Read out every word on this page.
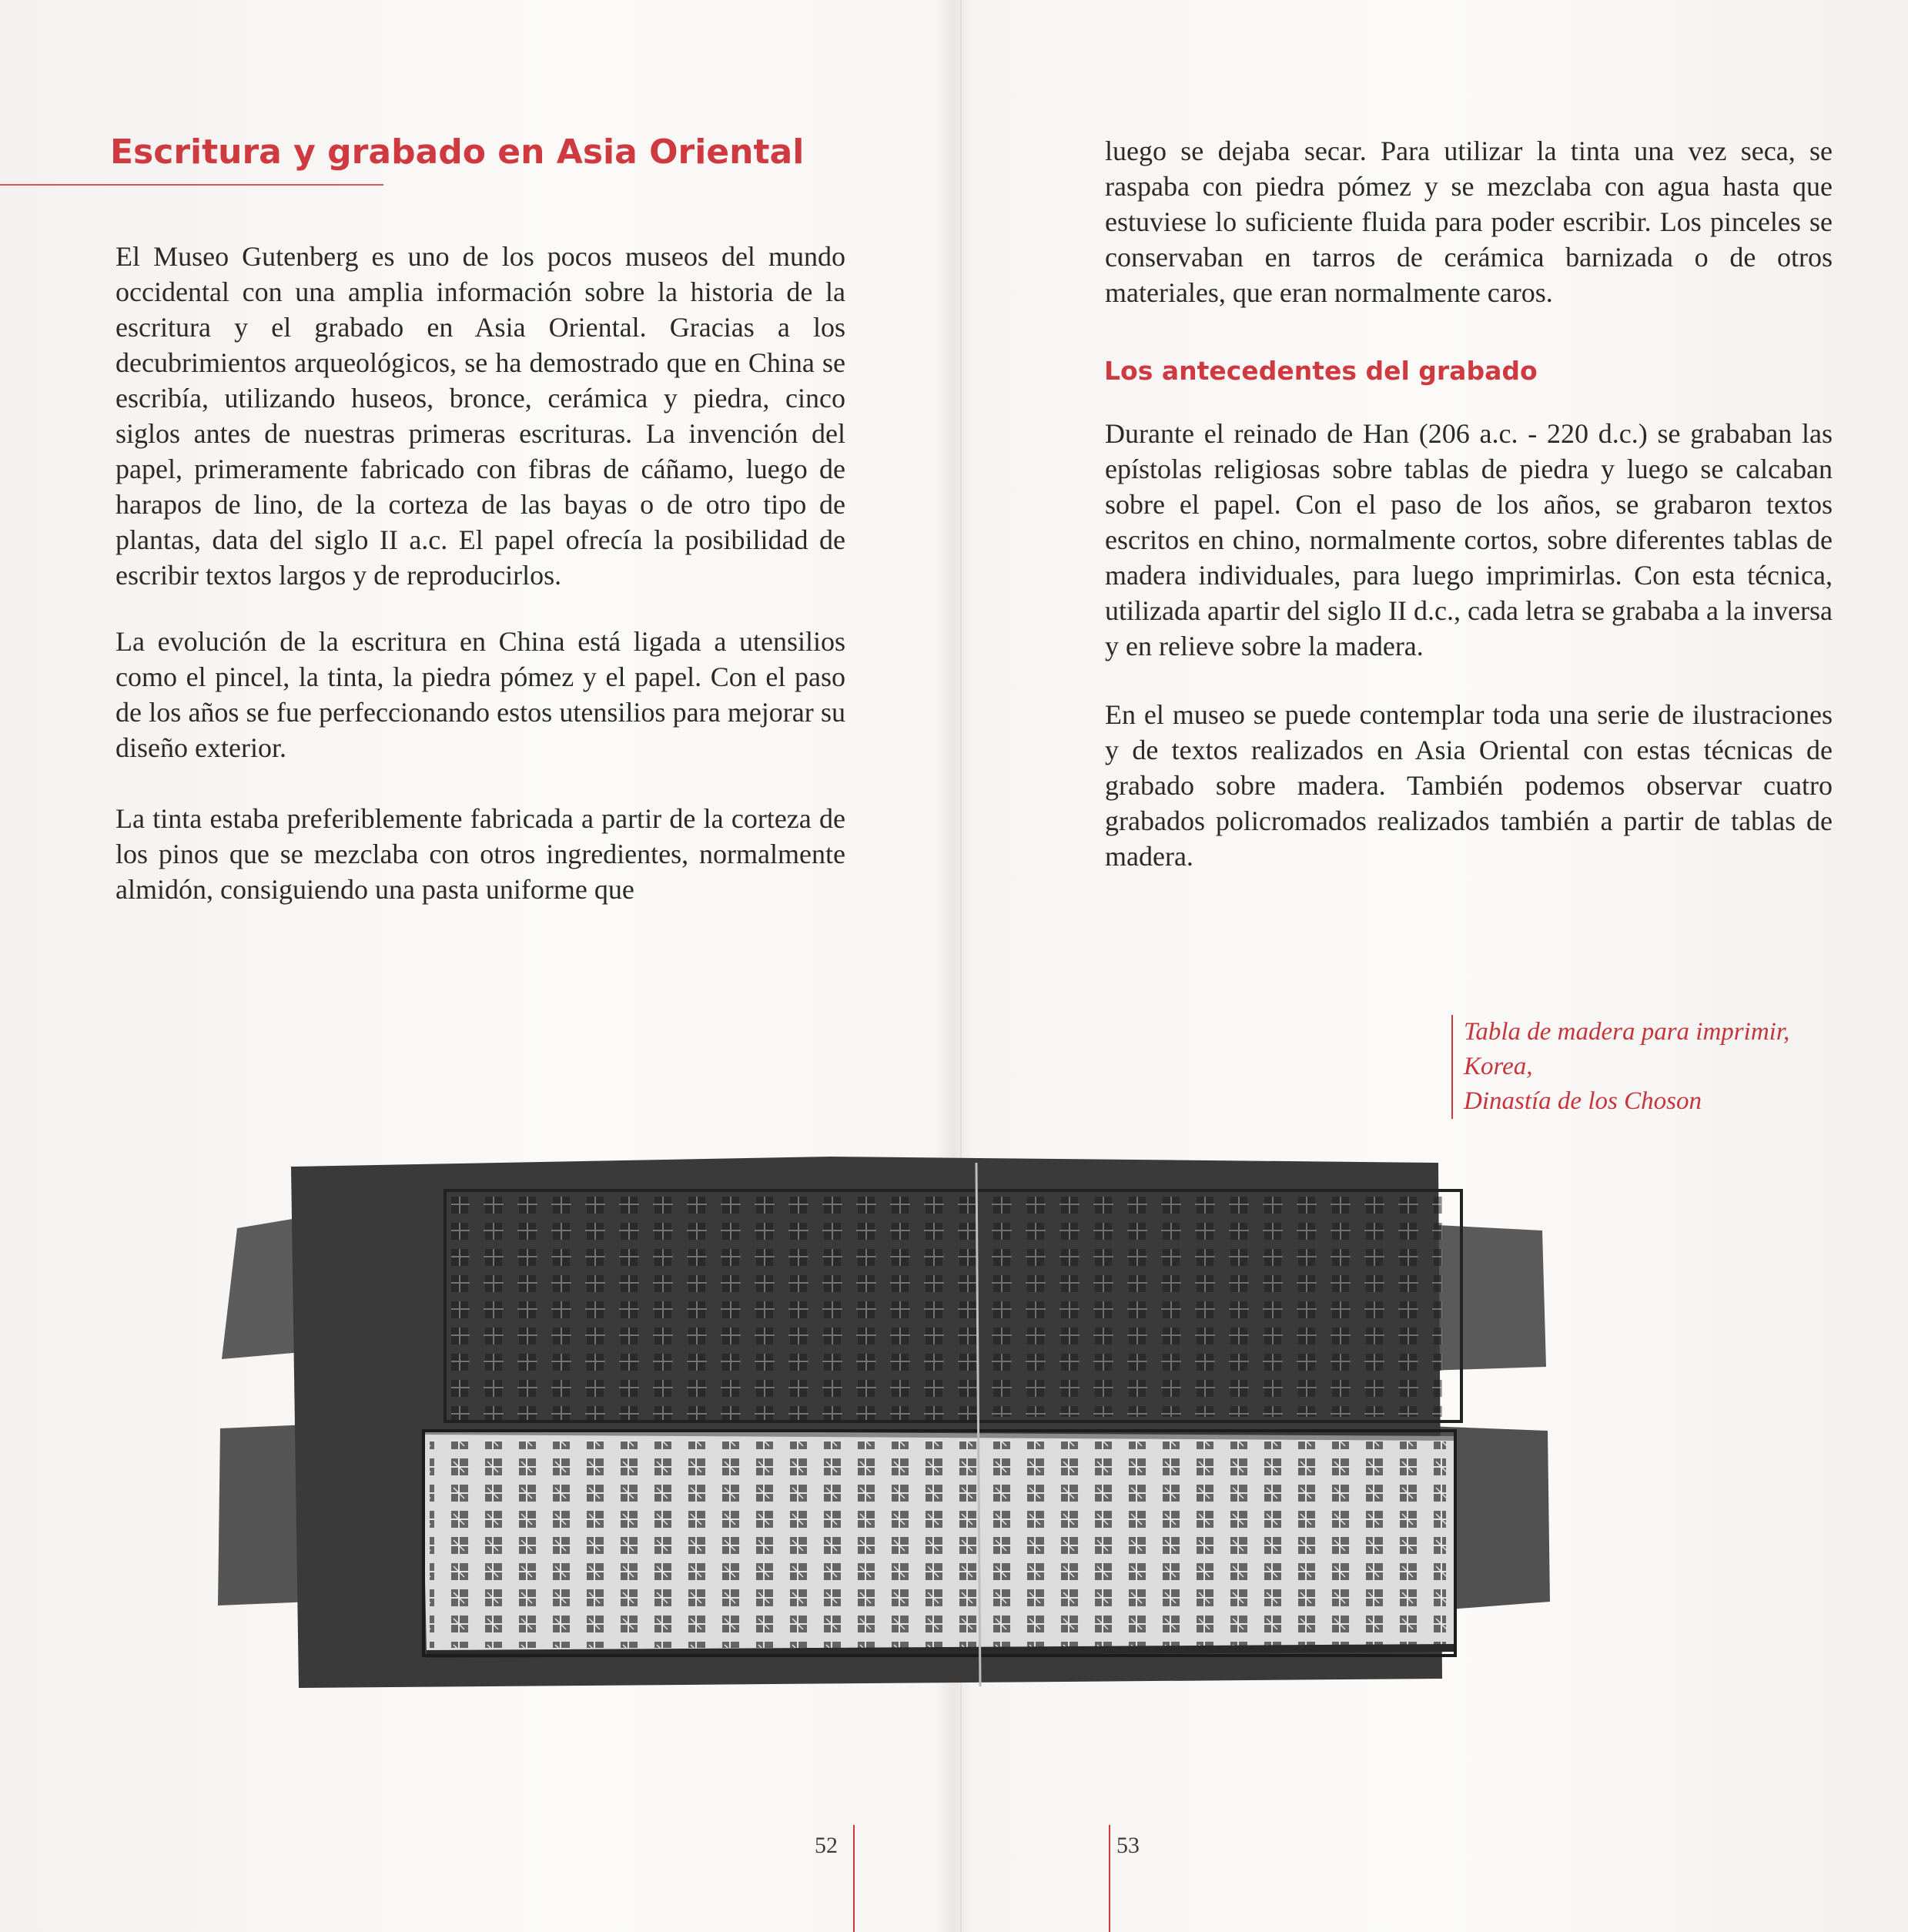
Escritura y grabado en Asia Oriental

El Museo Gutenberg es uno de los pocos museos del mundo occidental con una amplia información sobre la historia de la escritura y el grabado en Asia Oriental. Gracias a los decubrimientos arqueológicos, se ha demostrado que en China se escribía, utilizando huseos, bronce, cerámica y piedra, cinco siglos antes de nuestras primeras escrituras. La invención del papel, primeramente fabricado con fibras de cáñamo, luego de harapos de lino, de la corteza de las bayas o de otro tipo de plantas, data del siglo II a.c. El papel ofrecía la posibilidad de escribir textos largos y de reproducirlos.

La evolución de la escritura en China está ligada a utensilios como el pincel, la tinta, la piedra pómez y el papel. Con el paso de los años se fue perfeccionando estos utensilios para mejorar su diseño exterior.

La tinta estaba preferiblemente fabricada a partir de la corteza de los pinos que se mezclaba con otros ingredientes, normalmente almidón, consiguiendo una pasta uniforme que

luego se dejaba secar. Para utilizar la tinta una vez seca, se raspaba con piedra pómez y se mezclaba con agua hasta que estuviese lo suficiente fluida para poder escribir. Los pinceles se conservaban en tarros de cerámica barnizada o de otros materiales, que eran normalmente caros.

Los antecedentes del grabado

Durante el reinado de Han (206 a.c. - 220 d.c.) se grababan las epístolas religiosas sobre tablas de piedra y luego se calcaban sobre el papel. Con el paso de los años, se grabaron textos escritos en chino, normalmente cortos, sobre diferentes tablas de madera individuales, para luego imprimirlas. Con esta técnica, utilizada apartir del siglo II d.c., cada letra se grababa a la inversa y en relieve sobre la madera.

En el museo se puede contemplar toda una serie de ilustraciones y de textos realizados en Asia Oriental con estas técnicas de grabado sobre madera. También podemos observar cuatro grabados policromados realizados también a partir de tablas de madera.

Tabla de madera para imprimir,
Korea,
Dinastía de los Choson
52	53
